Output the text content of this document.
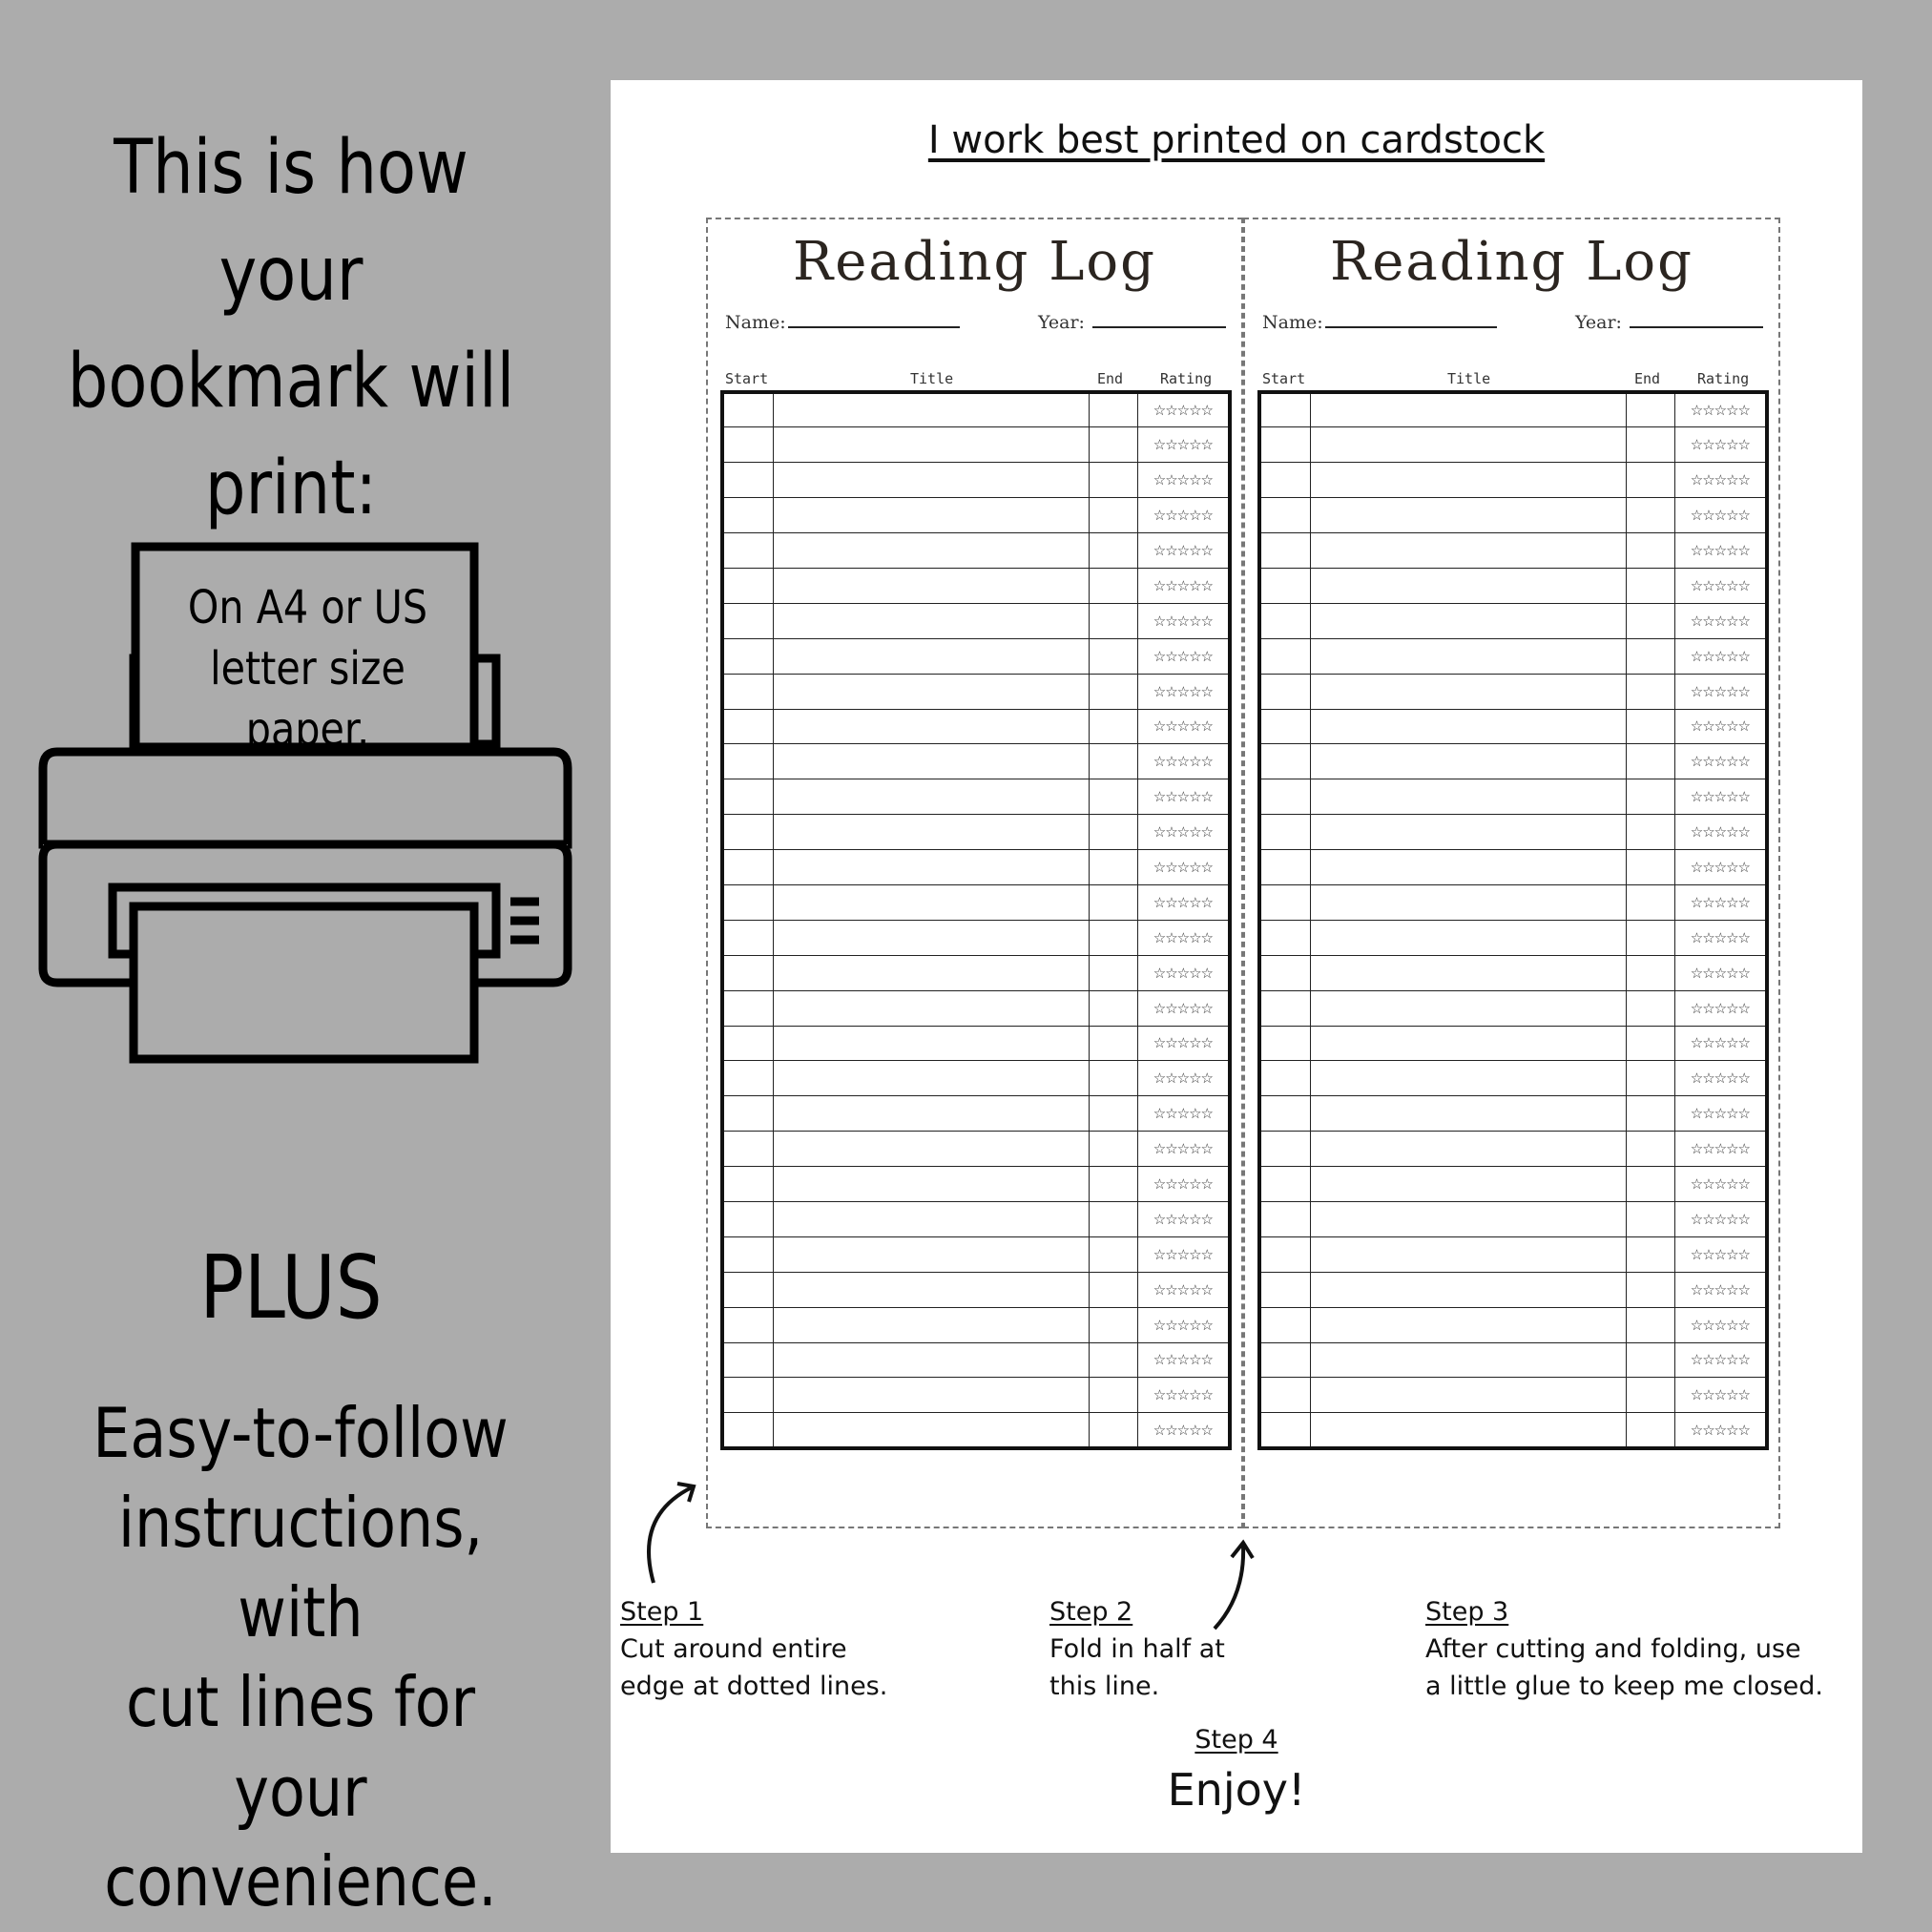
This is how your
bookmark will
print:
On A4 or US
letter size paper.
PLUS
Easy-to-follow
instructions, with
cut lines for your
convenience.
I work best printed on cardstock
Reading Log
Name:	Year:
Start	Title	End	Rating
			☆☆☆☆☆
			☆☆☆☆☆
			☆☆☆☆☆
			☆☆☆☆☆
			☆☆☆☆☆
			☆☆☆☆☆
			☆☆☆☆☆
			☆☆☆☆☆
			☆☆☆☆☆
			☆☆☆☆☆
			☆☆☆☆☆
			☆☆☆☆☆
			☆☆☆☆☆
			☆☆☆☆☆
			☆☆☆☆☆
			☆☆☆☆☆
			☆☆☆☆☆
			☆☆☆☆☆
			☆☆☆☆☆
			☆☆☆☆☆
			☆☆☆☆☆
			☆☆☆☆☆
			☆☆☆☆☆
			☆☆☆☆☆
			☆☆☆☆☆
			☆☆☆☆☆
			☆☆☆☆☆
			☆☆☆☆☆
			☆☆☆☆☆
			☆☆☆☆☆
Reading Log
Name:	Year:
Start	Title	End	Rating
			☆☆☆☆☆
			☆☆☆☆☆
			☆☆☆☆☆
			☆☆☆☆☆
			☆☆☆☆☆
			☆☆☆☆☆
			☆☆☆☆☆
			☆☆☆☆☆
			☆☆☆☆☆
			☆☆☆☆☆
			☆☆☆☆☆
			☆☆☆☆☆
			☆☆☆☆☆
			☆☆☆☆☆
			☆☆☆☆☆
			☆☆☆☆☆
			☆☆☆☆☆
			☆☆☆☆☆
			☆☆☆☆☆
			☆☆☆☆☆
			☆☆☆☆☆
			☆☆☆☆☆
			☆☆☆☆☆
			☆☆☆☆☆
			☆☆☆☆☆
			☆☆☆☆☆
			☆☆☆☆☆
			☆☆☆☆☆
			☆☆☆☆☆
			☆☆☆☆☆
Step 1
Cut around entire
edge at dotted lines.
Step 2
Fold in half at
this line.
Step 3
After cutting and folding, use
a little glue to keep me closed.
Step 4
Enjoy!
